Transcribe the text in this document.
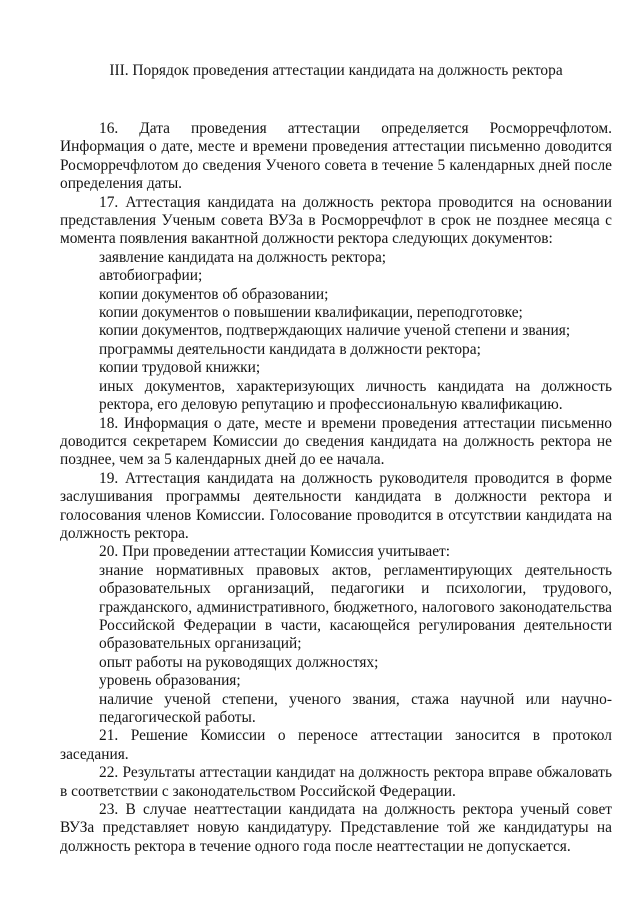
III. Порядок проведения аттестации кандидата на должность ректора
16. Дата проведения аттестации определяется Росморречфлотом. Информация о дате, месте и времени проведения аттестации письменно доводится Росморречфлотом до сведения Ученого совета в течение 5 календарных дней после определения даты.
17. Аттестация кандидата на должность ректора проводится на основании представления Ученым совета ВУЗа в Росморречфлот в срок не позднее месяца с момента появления вакантной должности ректора следующих документов:
заявление кандидата на должность ректора;
автобиографии;
копии документов об образовании;
копии документов о повышении квалификации, переподготовке;
копии документов, подтверждающих наличие ученой степени и звания;
программы деятельности кандидата в должности ректора;
копии трудовой книжки;
иных документов, характеризующих личность кандидата на должность ректора, его деловую репутацию и профессиональную квалификацию.
18. Информация о дате, месте и времени проведения аттестации письменно доводится секретарем Комиссии до сведения кандидата на должность ректора не позднее, чем за 5 календарных дней до ее начала.
19. Аттестация кандидата на должность руководителя проводится в форме заслушивания программы деятельности кандидата в должности ректора и голосования членов Комиссии. Голосование проводится в отсутствии кандидата на должность ректора.
20. При проведении аттестации Комиссия учитывает:
знание нормативных правовых актов, регламентирующих деятельность образовательных организаций, педагогики и психологии, трудового, гражданского, административного, бюджетного, налогового законодательства Российской Федерации в части, касающейся регулирования деятельности образовательных организаций;
опыт работы на руководящих должностях;
уровень образования;
наличие ученой степени, ученого звания, стажа научной или научно-педагогической работы.
21. Решение Комиссии о переносе аттестации заносится в протокол заседания.
22. Результаты аттестации кандидат на должность ректора вправе обжаловать в соответствии с законодательством Российской Федерации.
23. В случае неаттестации кандидата на должность ректора ученый совет ВУЗа представляет новую кандидатуру. Представление той же кандидатуры на должность ректора в течение одного года после неаттестации не допускается.
